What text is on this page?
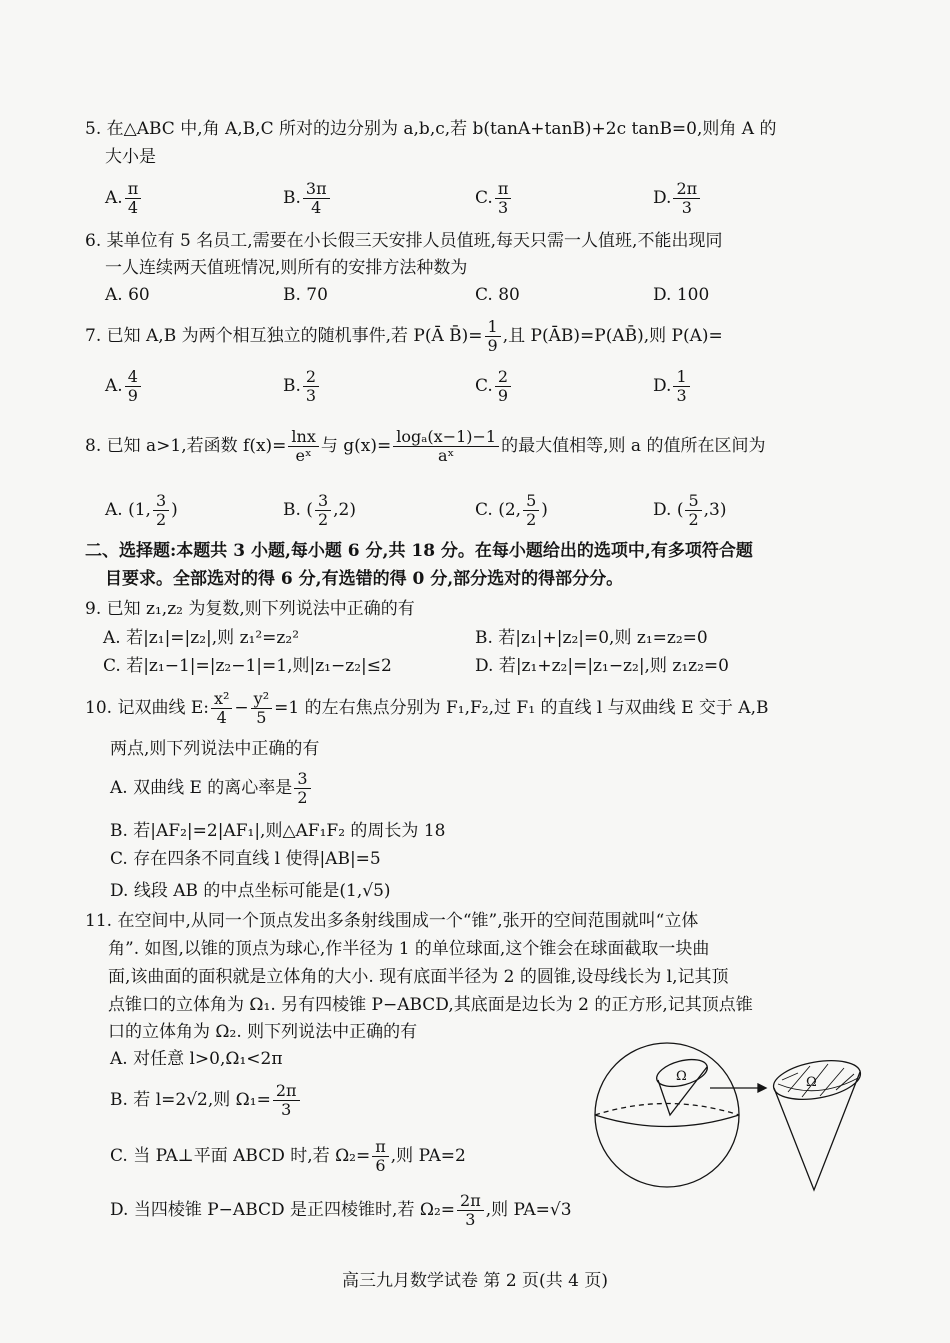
5. 在△ABC 中,角 A,B,C 所对的边分别为 a,b,c,若 b(tanA+tanB)+2c tanB=0,则角 A 的
大小是
A. $\frac{\pi}{4}$	B. $\frac{3\pi}{4}$	C. $\frac{\pi}{3}$	D. $\frac{2\pi}{3}$
6. 某单位有 5 名员工,需要在小长假三天安排人员值班,每天只需一人值班,不能出现同
一人连续两天值班情况,则所有的安排方法种数为
A. 60	B. 70	C. 80	D. 100
7. 已知 A,B 为两个相互独立的随机事件,若 P(Ā B̄)= $\frac{1}{9}$ ,且 P(ĀB)=P(AB̄),则 P(A)=
A. $\frac{4}{9}$	B. $\frac{2}{3}$	C. $\frac{2}{9}$	D. $\frac{1}{3}$
8. 已知 a>1,若函数 $f(x)= \frac{\ln x}{\text{eˣ}}$ 与 $g(x)= \frac{\text{logₐ(x−1)−1}}{\text{aˣ}}$ 的最大值相等,则 a 的值所在区间为
A. (1, $\frac{3}{2}$ )	B. ( $\frac{3}{2} ,2$)	C. (2, $\frac{5}{2}$ )	D. ( $\frac{5}{2} ,3$)
二、选择题:本题共 3 小题,每小题 6 分,共 18 分。在每小题给出的选项中,有多项符合题
目要求。全部选对的得 6 分,有选错的得 0 分,部分选对的得部分分。
9. 已知 z₁,z₂ 为复数,则下列说法中正确的有
A. 若|z₁|=|z₂|,则 z₁²=z₂²	B. 若|z₁|+|z₂|=0,则 z₁=z₂=0
C. 若|z₁−1|=|z₂−1|=1,则|z₁−z₂|≤2	D. 若|z₁+z₂|=|z₁−z₂|,则 z₁z₂=0
10. 记双曲线 E: $\frac{\text{x²}}{4} - \frac{\text{y²}}{5} =1$ 的左右焦点分别为 F₁,F₂,过 F₁ 的直线 l 与双曲线 E 交于 A,B
两点,则下列说法中正确的有
A. 双曲线 E 的离心率是 $\frac{3}{2}$
B. 若|AF₂|=2|AF₁|,则△AF₁F₂ 的周长为 18
C. 存在四条不同直线 l 使得|AB|=5
D. 线段 AB 的中点坐标可能是(1,√5)
11. 在空间中,从同一个顶点发出多条射线围成一个“锥”,张开的空间范围就叫“立体
角”. 如图,以锥的顶点为球心,作半径为 1 的单位球面,这个锥会在球面截取一块曲
面,该曲面的面积就是立体角的大小. 现有底面半径为 2 的圆锥,设母线长为 l,记其顶
点锥口的立体角为 Ω₁. 另有四棱锥 P−ABCD,其底面是边长为 2 的正方形,记其顶点锥
口的立体角为 Ω₂. 则下列说法中正确的有
A. 对任意 l>0,Ω₁<2π
B. 若 l=2√2,则 $\Omega_1= \frac{2\pi}{3}$
C. 当 PA⊥平面 ABCD 时,若 $\Omega_2= \frac{\pi}{6}$ ,则 PA=2
D. 当四棱锥 P−ABCD 是正四棱锥时,若 $\Omega_2= \frac{2\pi}{3}$ ,则 PA=√3
Ω	Ω
高三九月数学试卷 第 2 页(共 4 页)
